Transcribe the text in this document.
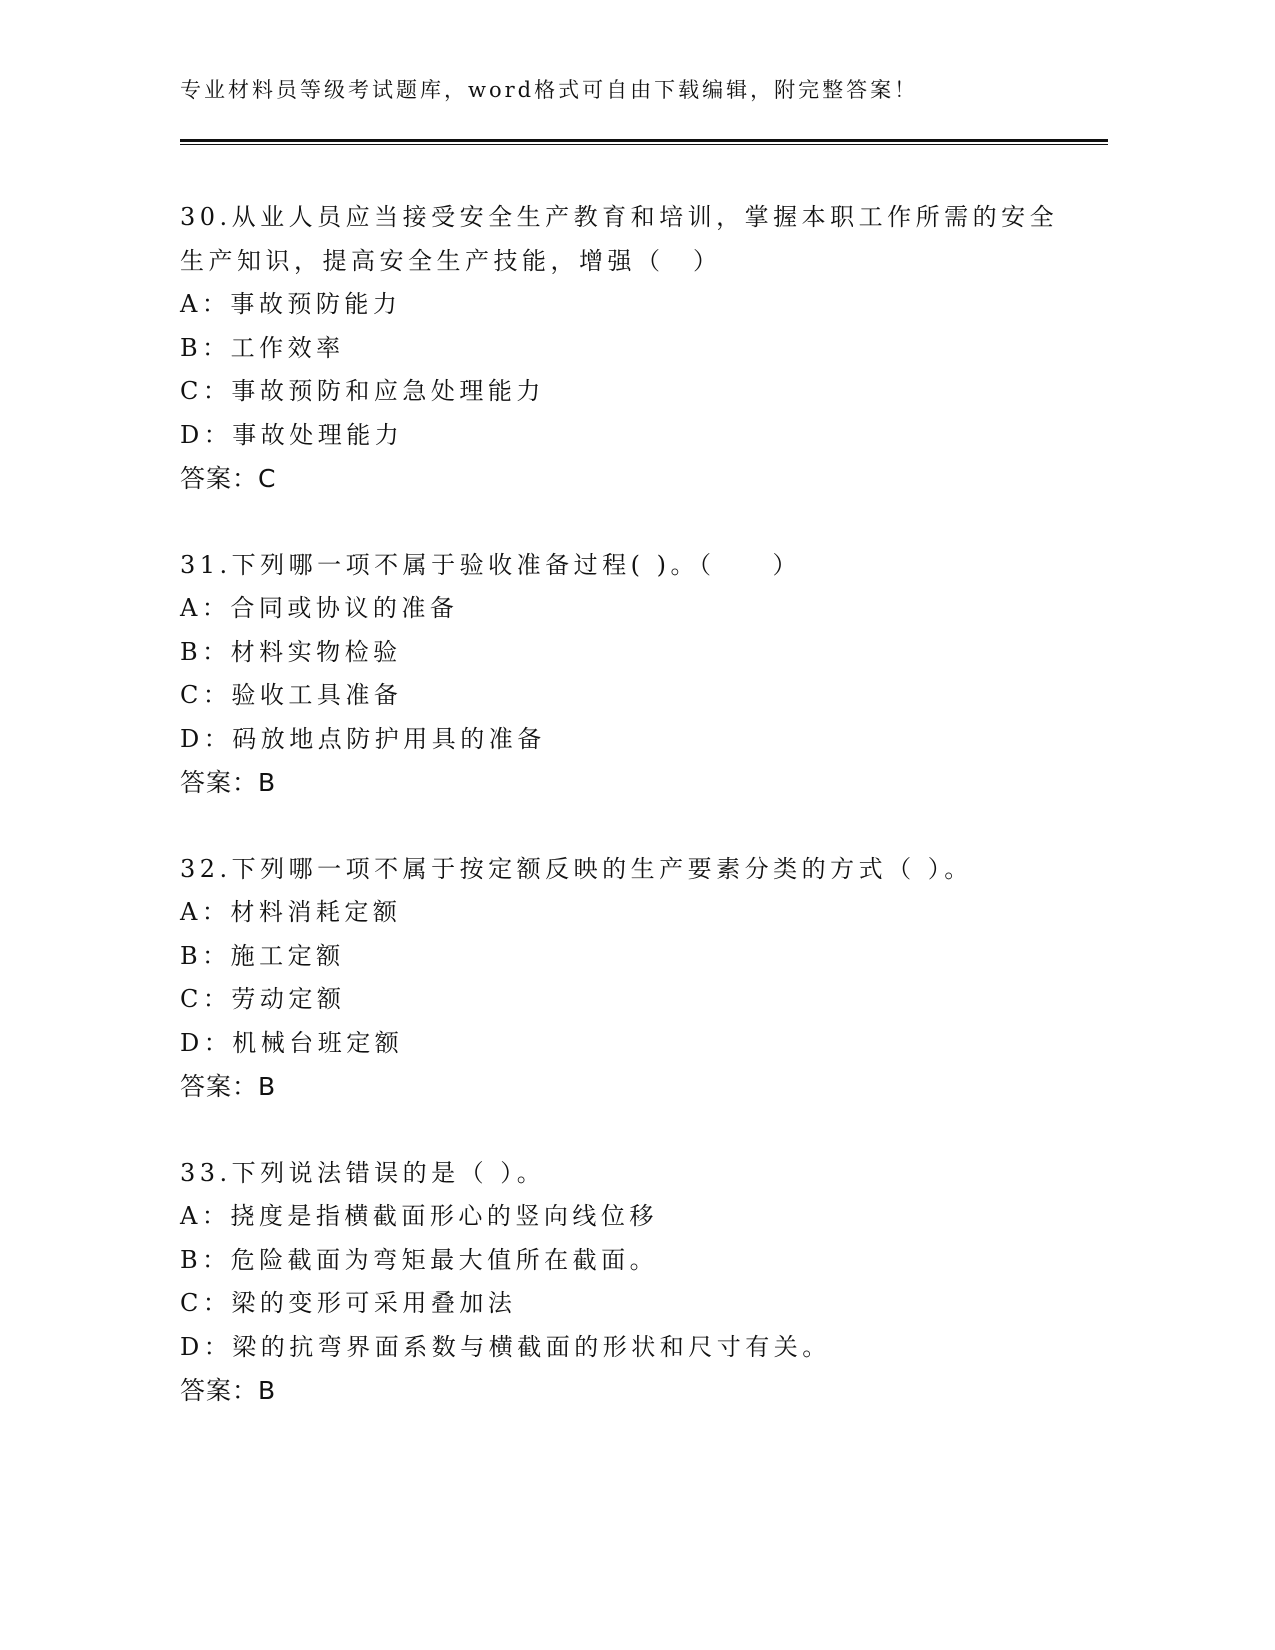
专业材料员等级考试题库，word格式可自由下载编辑，附完整答案！
30.从业人员应当接受安全生产教育和培训，掌握本职工作所需的安全生产知识，提高安全生产技能，增强（　）
A：事故预防能力
B：工作效率
C：事故预防和应急处理能力
D：事故处理能力
答案：C
31.下列哪一项不属于验收准备过程( )。（　　）
A：合同或协议的准备
B：材料实物检验
C：验收工具准备
D：码放地点防护用具的准备
答案：B
32.下列哪一项不属于按定额反映的生产要素分类的方式（ ）。
A：材料消耗定额
B：施工定额
C：劳动定额
D：机械台班定额
答案：B
33.下列说法错误的是（ ）。
A：挠度是指横截面形心的竖向线位移
B：危险截面为弯矩最大值所在截面。
C：梁的变形可采用叠加法
D：梁的抗弯界面系数与横截面的形状和尺寸有关。
答案：B
